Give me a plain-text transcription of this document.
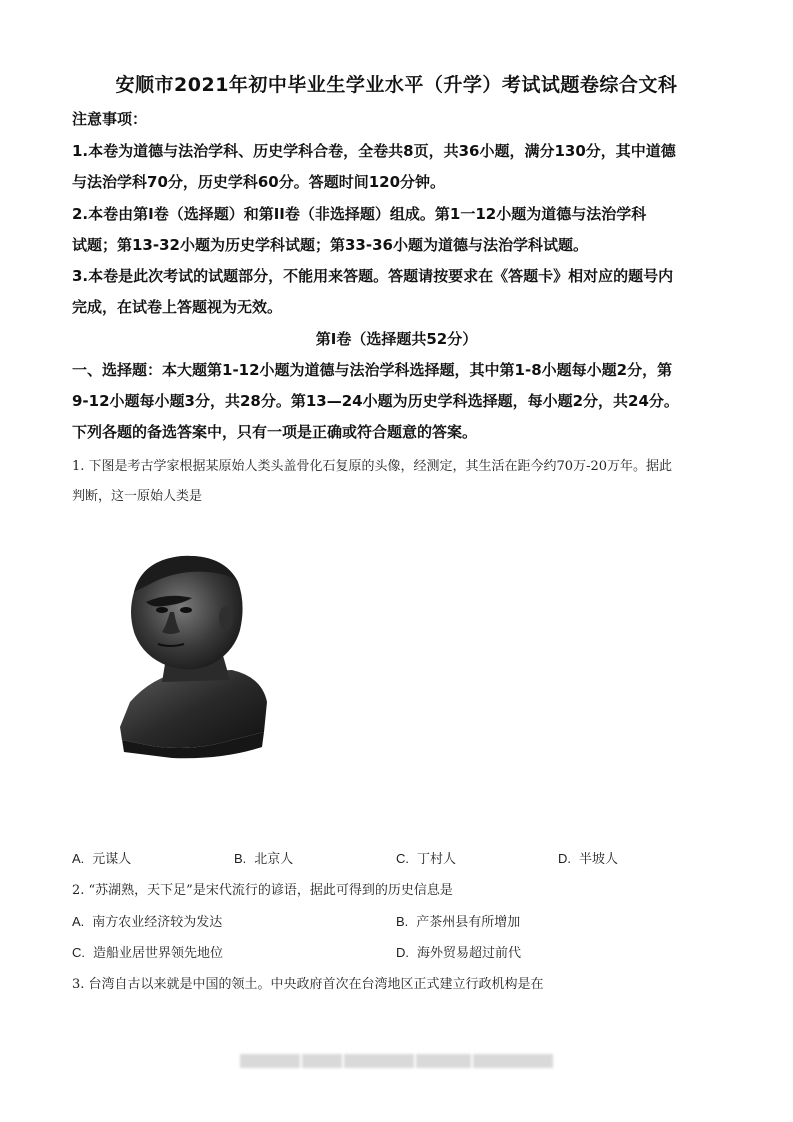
安顺市2021年初中毕业生学业水平（升学）考试试题卷综合文科
注意事项：
1.本卷为道德与法治学科、历史学科合卷，全卷共8页，共36小题，满分130分，其中道德
与法治学科70分，历史学科60分。答题时间120分钟。
2.本卷由第I卷（选择题）和第II卷（非选择题）组成。第1一12小题为道德与法治学科
试题；第13-32小题为历史学科试题；第33-36小题为道德与法治学科试题。
3.本卷是此次考试的试题部分，不能用来答题。答题请按要求在《答题卡》相对应的题号内
完成，在试卷上答题视为无效。
第I卷（选择题共52分）
一、选择题：本大题第1-12小题为道德与法治学科选择题，其中第1-8小题每小题2分，第
9-12小题每小题3分，共28分。第13—24小题为历史学科选择题，每小题2分，共24分。
下列各题的备选答案中，只有一项是正确或符合题意的答案。
1. 下图是考古学家根据某原始人类头盖骨化石复原的头像，经测定，其生活在距今约70万-20万年。据此
判断，这一原始人类是
A. 元谋人	B. 北京人	C. 丁村人	D. 半坡人
2. “苏湖熟，天下足”是宋代流行的谚语，据此可得到的历史信息是
A. 南方农业经济较为发达	B. 产茶州县有所增加
C. 造船业居世界领先地位	D. 海外贸易超过前代
3. 台湾自古以来就是中国的领土。中央政府首次在台湾地区正式建立行政机构是在
